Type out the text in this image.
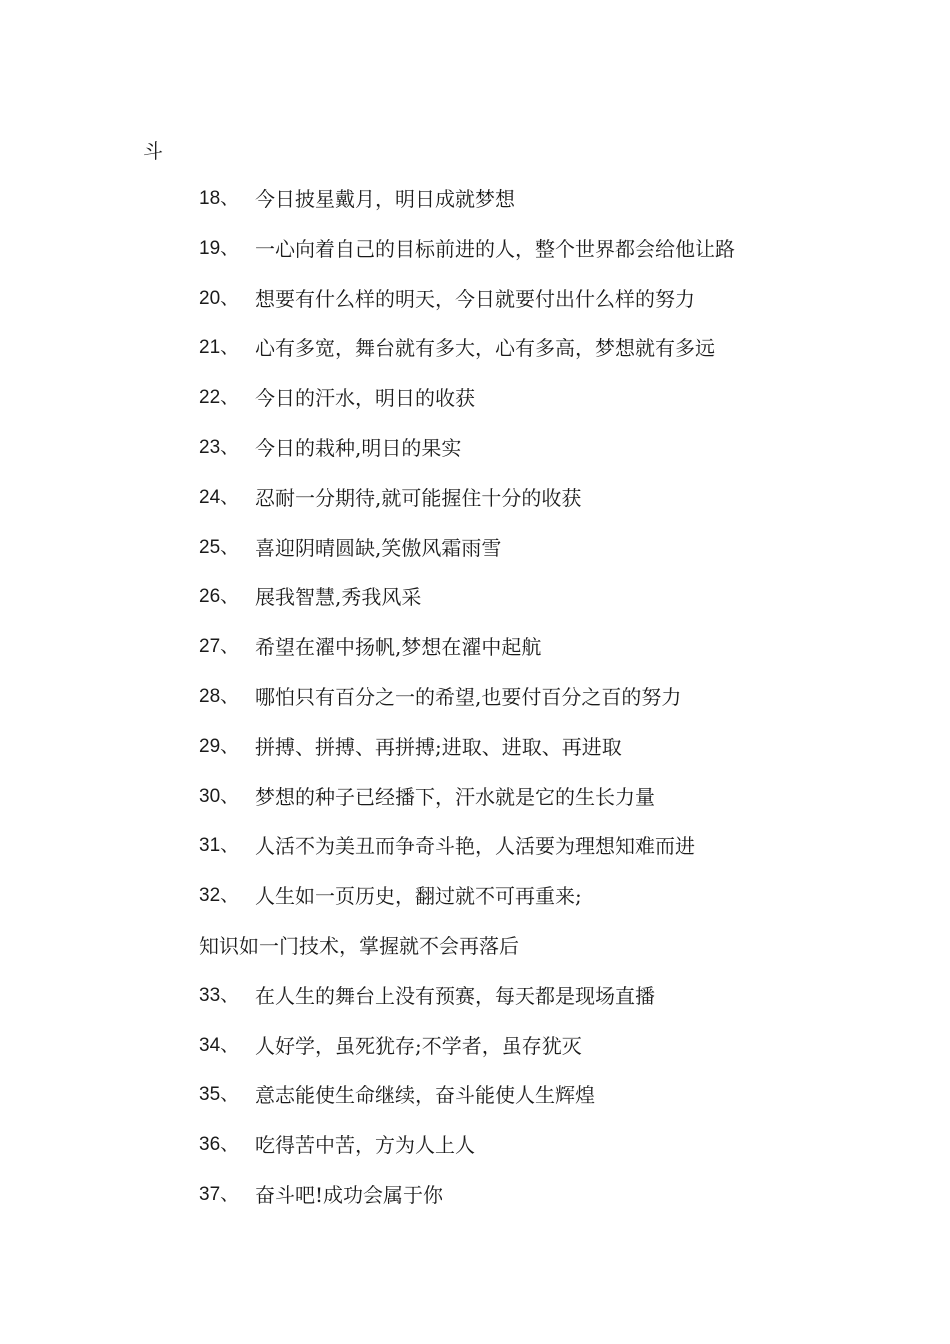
斗
18、 今日披星戴月，明日成就梦想
19、 一心向着自己的目标前进的人，整个世界都会给他让路
20、 想要有什么样的明天，今日就要付出什么样的努力
21、 心有多宽，舞台就有多大，心有多高，梦想就有多远
22、 今日的汗水，明日的收获
23、 今日的栽种,明日的果实
24、 忍耐一分期待,就可能握住十分的收获
25、 喜迎阴晴圆缺,笑傲风霜雨雪
26、 展我智慧,秀我风采
27、 希望在濯中扬帆,梦想在濯中起航
28、 哪怕只有百分之一的希望,也要付百分之百的努力
29、 拼搏、拼搏、再拼搏;进取、进取、再进取
30、 梦想的种子已经播下，汗水就是它的生长力量
31、 人活不为美丑而争奇斗艳，人活要为理想知难而进
32、 人生如一页历史，翻过就不可再重来;
知识如一门技术，掌握就不会再落后
33、 在人生的舞台上没有预赛，每天都是现场直播
34、 人好学，虽死犹存;不学者，虽存犹灭
35、 意志能使生命继续，奋斗能使人生辉煌
36、 吃得苦中苦，方为人上人
37、 奋斗吧!成功会属于你
